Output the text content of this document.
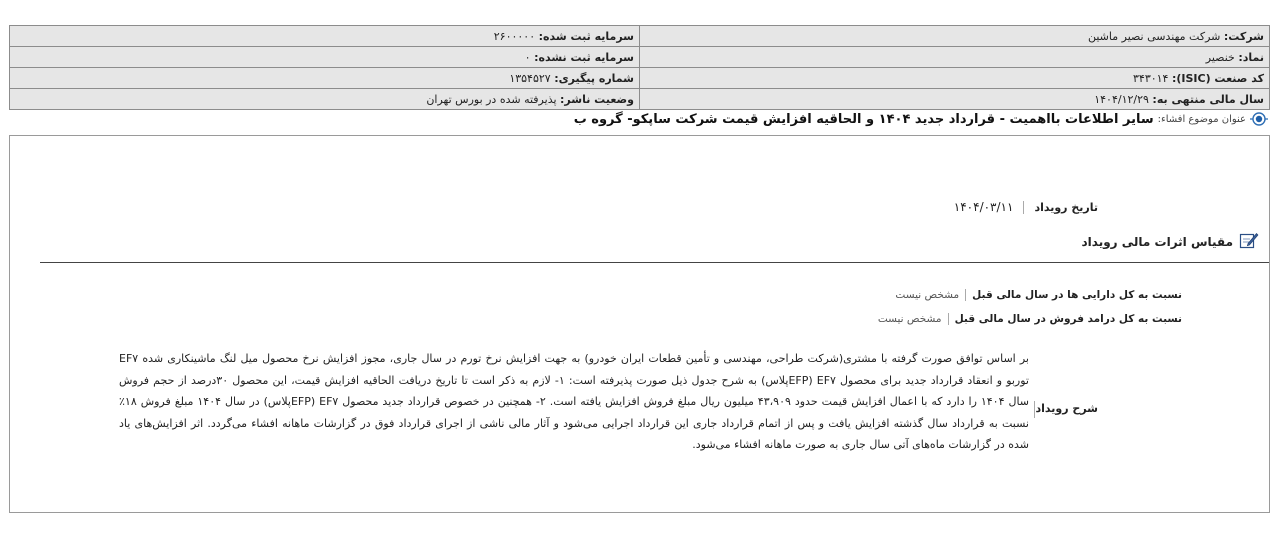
شرکت: شرکت مهندسی نصیر ماشین	سرمایه ثبت شده: ۲۶۰۰۰۰۰
نماد: خنصیر	سرمایه ثبت نشده: ۰
کد صنعت (ISIC): ۳۴۳۰۱۴	شماره پیگیری: ۱۳۵۴۵۲۷
سال مالی منتهی به: ۱۴۰۴/۱۲/۲۹	وضعیت ناشر: پذیرفته شده در بورس تهران
عنوان موضوع افشاء:
سایر اطلاعات بااهمیت - قرارداد جدید ۱۴۰۴ و الحاقیه افزایش قیمت شرکت ساپکو- گروه ب
تاریخ رویداد
۱۴۰۴/۰۳/۱۱
مقیاس اثرات مالی رویداد
نسبت به کل دارایی ها در سال مالی قبل
مشخص نیست
نسبت به کل درامد فروش در سال مالی قبل
مشخص نیست
شرح رویداد
بر اساس توافق صورت گرفته با مشتری(شرکت طراحی، مهندسی و تأمین قطعات ایران خودرو) به جهت افزایش نرخ تورم در سال جاری، مجوز افزایش نرخ محصول میل لنگ ماشینکاری شده EF۷ توربو و انعقاد قرارداد جدید برای محصول EF۷ (EFPپلاس) به شرح جدول ذیل صورت پذیرفته است: ۱- لازم به ذکر است تا تاریخ دریافت الحاقیه افزایش قیمت، این محصول ۳۰درصد از حجم فروش سال ۱۴۰۴ را دارد که با اعمال افزایش قیمت حدود ۴۳،۹۰۹ میلیون ریال مبلغ فروش افزایش یافته است. ۲- همچنین در خصوص قرارداد جدید محصول EF۷ (EFPپلاس) در سال ۱۴۰۴ مبلغ فروش ۱۸٪ نسبت به قرارداد سال گذشته افزایش یافت و پس از اتمام قرارداد جاری این قرارداد اجرایی می‌شود و آثار مالی ناشی از اجرای قرارداد فوق در گزارشات ماهانه افشاء می‌گردد. اثر افزایش‌های یاد شده در گزارشات ماه‌های آتی سال جاری به صورت ماهانه افشاء می‌شود.
